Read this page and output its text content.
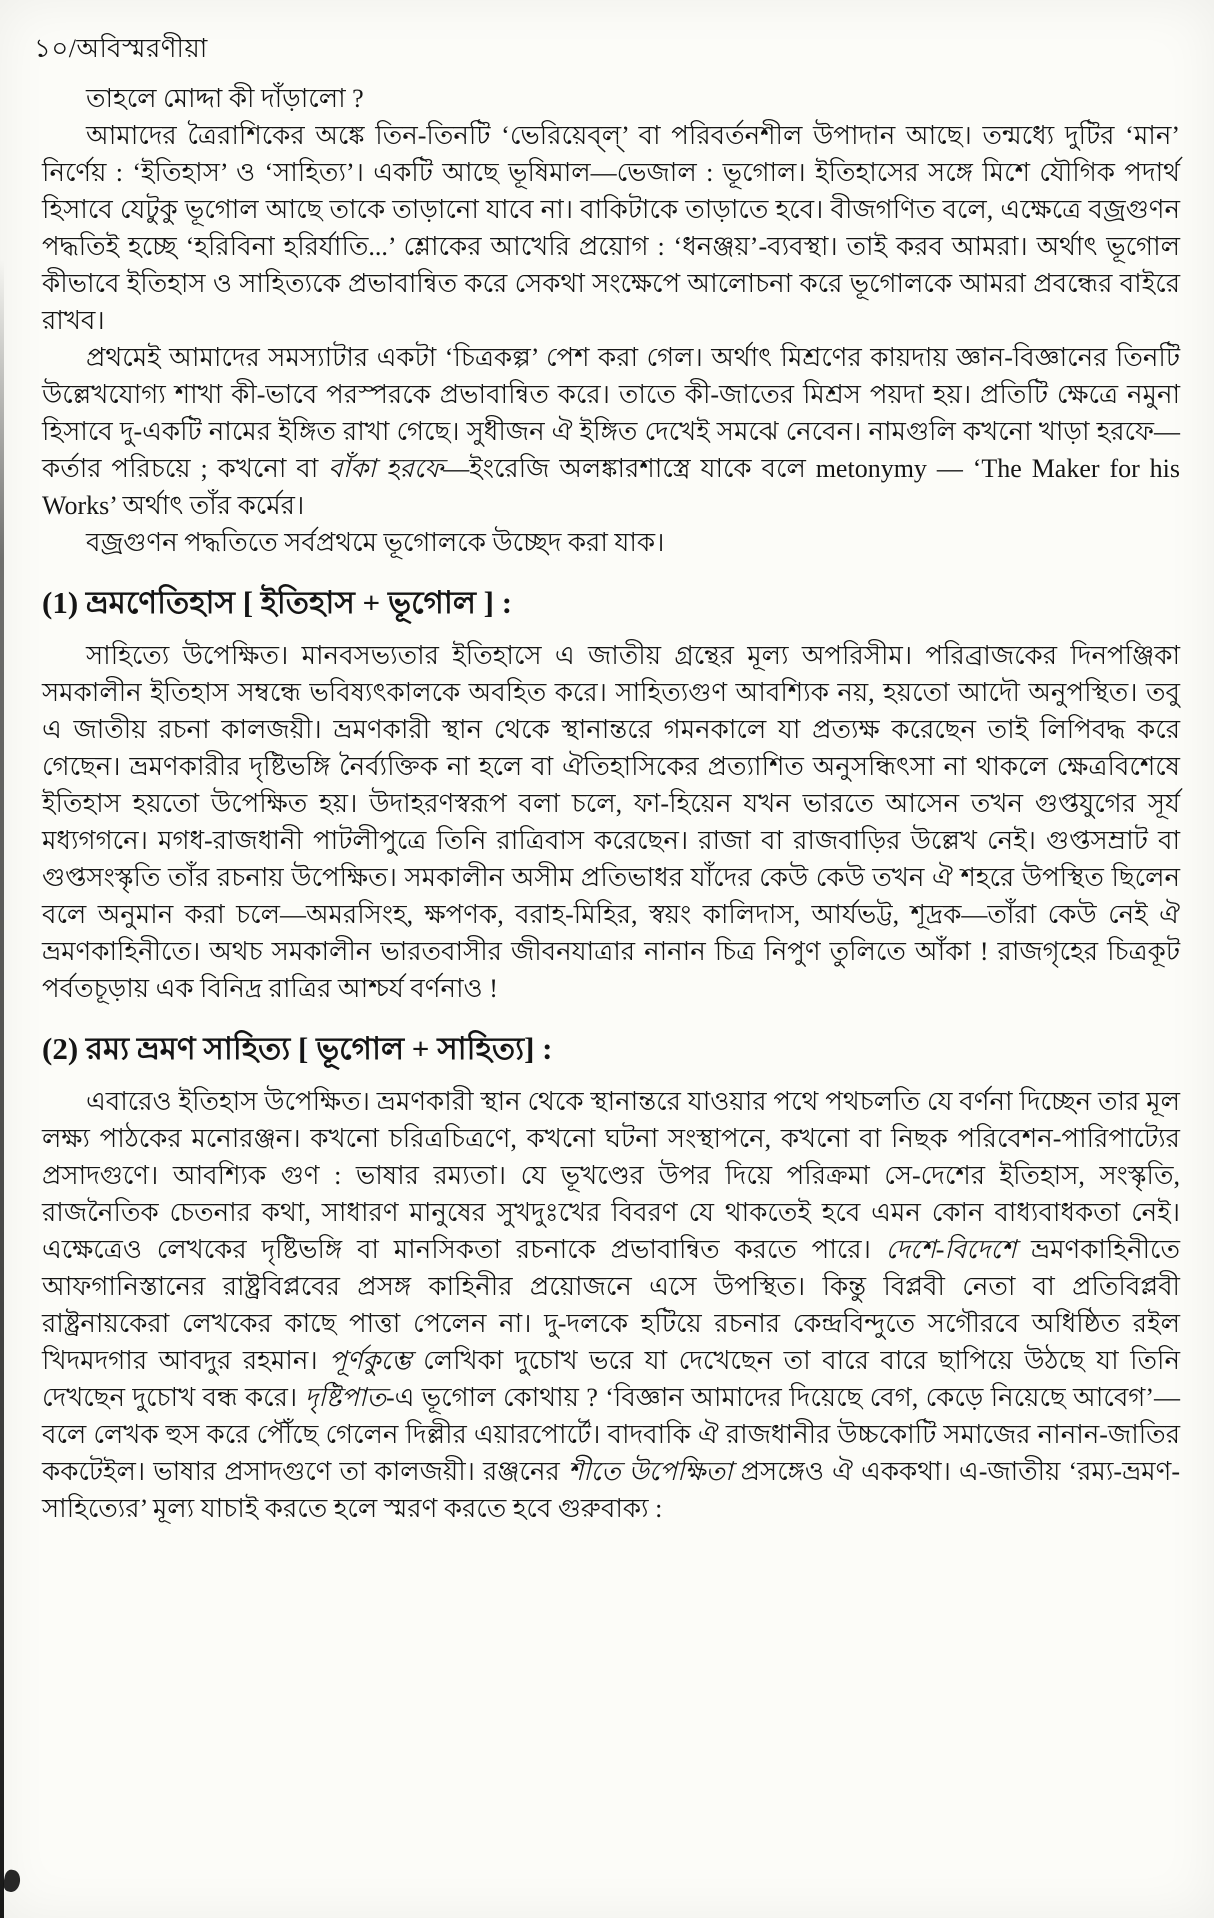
১০/অবিস্মরণীয়া

তাহলে মোদ্দা কী দাঁড়ালো ?

আমাদের ত্রৈরাশিকের অঙ্কে তিন-তিনটি ‘ভেরিয়েব্ল্’ বা পরিবর্তনশীল উপাদান আছে। তন্মধ্যে দুটির ‘মান’ নির্ণেয় : ‘ইতিহাস’ ও ‘সাহিত্য’। একটি আছে ভূষিমাল—ভেজাল : ভূগোল। ইতিহাসের সঙ্গে মিশে যৌগিক পদার্থ হিসাবে যেটুকু ভূগোল আছে তাকে তাড়ানো যাবে না। বাকিটাকে তাড়াতে হবে। বীজগণিত বলে, এক্ষেত্রে বজ্রগুণন পদ্ধতিই হচ্ছে ‘হরিবিনা হরির্যাতি...’ শ্লোকের আখেরি প্রয়োগ : ‘ধনঞ্জয়’-ব্যবস্থা। তাই করব আমরা। অর্থাৎ ভূগোল কীভাবে ইতিহাস ও সাহিত্যকে প্রভাবান্বিত করে সেকথা সংক্ষেপে আলোচনা করে ভূগোলকে আমরা প্রবন্ধের বাইরে রাখব।

প্রথমেই আমাদের সমস্যাটার একটা ‘চিত্রকল্প’ পেশ করা গেল। অর্থাৎ মিশ্রণের কায়দায় জ্ঞান-বিজ্ঞানের তিনটি উল্লেখযোগ্য শাখা কী-ভাবে পরস্পরকে প্রভাবান্বিত করে। তাতে কী-জাতের মিশ্রস পয়দা হয়। প্রতিটি ক্ষেত্রে নমুনা হিসাবে দু-একটি নামের ইঙ্গিত রাখা গেছে। সুধীজন ঐ ইঙ্গিত দেখেই সমঝে নেবেন। নামগুলি কখনো খাড়া হরফে—কর্তার পরিচয়ে ; কখনো বা বাঁকা হরফে—ইংরেজি অলঙ্কারশাস্ত্রে যাকে বলে metonymy — ‘The Maker for his Works’ অর্থাৎ তাঁর কর্মের।

বজ্রগুণন পদ্ধতিতে সর্বপ্রথমে ভূগোলকে উচ্ছেদ করা যাক।

(1) ভ্রমণেতিহাস [ ইতিহাস + ভূগোল ] :

সাহিত্যে উপেক্ষিত। মানবসভ্যতার ইতিহাসে এ জাতীয় গ্রন্থের মূল্য অপরিসীম। পরিব্রাজকের দিনপঞ্জিকা সমকালীন ইতিহাস সম্বন্ধে ভবিষ্যৎকালকে অবহিত করে। সাহিত্যগুণ আবশ্যিক নয়, হয়তো আদৌ অনুপস্থিত। তবু এ জাতীয় রচনা কালজয়ী। ভ্রমণকারী স্থান থেকে স্থানান্তরে গমনকালে যা প্রত্যক্ষ করেছেন তাই লিপিবদ্ধ করে গেছেন। ভ্রমণকারীর দৃষ্টিভঙ্গি নৈর্ব্যক্তিক না হলে বা ঐতিহাসিকের প্রত্যাশিত অনুসন্ধিৎসা না থাকলে ক্ষেত্রবিশেষে ইতিহাস হয়তো উপেক্ষিত হয়। উদাহরণস্বরূপ বলা চলে, ফা-হিয়েন যখন ভারতে আসেন তখন গুপ্তযুগের সূর্য মধ্যগগনে। মগধ-রাজধানী পাটলীপুত্রে তিনি রাত্রিবাস করেছেন। রাজা বা রাজবাড়ির উল্লেখ নেই। গুপ্তসম্রাট বা গুপ্তসংস্কৃতি তাঁর রচনায় উপেক্ষিত। সমকালীন অসীম প্রতিভাধর যাঁদের কেউ কেউ তখন ঐ শহরে উপস্থিত ছিলেন বলে অনুমান করা চলে—অমরসিংহ, ক্ষপণক, বরাহ-মিহির, স্বয়ং কালিদাস, আর্যভট্ট, শূদ্রক—তাঁরা কেউ নেই ঐ ভ্রমণকাহিনীতে। অথচ সমকালীন ভারতবাসীর জীবনযাত্রার নানান চিত্র নিপুণ তুলিতে আঁকা ! রাজগৃহের চিত্রকূট পর্বতচূড়ায় এক বিনিদ্র রাত্রির আশ্চর্য বর্ণনাও !

(2) রম্য ভ্রমণ সাহিত্য [ ভূগোল + সাহিত্য] :

এবারেও ইতিহাস উপেক্ষিত। ভ্রমণকারী স্থান থেকে স্থানান্তরে যাওয়ার পথে পথচলতি যে বর্ণনা দিচ্ছেন তার মূল লক্ষ্য পাঠকের মনোরঞ্জন। কখনো চরিত্রচিত্রণে, কখনো ঘটনা সংস্থাপনে, কখনো বা নিছক পরিবেশন-পারিপাট্যের প্রসাদগুণে। আবশ্যিক গুণ : ভাষার রম্যতা। যে ভূখণ্ডের উপর দিয়ে পরিক্রমা সে-দেশের ইতিহাস, সংস্কৃতি, রাজনৈতিক চেতনার কথা, সাধারণ মানুষের সুখদুঃখের বিবরণ যে থাকতেই হবে এমন কোন বাধ্যবাধকতা নেই। এক্ষেত্রেও লেখকের দৃষ্টিভঙ্গি বা মানসিকতা রচনাকে প্রভাবান্বিত করতে পারে। দেশে-বিদেশে ভ্রমণকাহিনীতে আফগানিস্তানের রাষ্ট্রবিপ্লবের প্রসঙ্গ কাহিনীর প্রয়োজনে এসে উপস্থিত। কিন্তু বিপ্লবী নেতা বা প্রতিবিপ্লবী রাষ্ট্রনায়কেরা লেখকের কাছে পাত্তা পেলেন না। দু-দলকে হটিয়ে রচনার কেন্দ্রবিন্দুতে সগৌরবে অধিষ্ঠিত রইল খিদমদগার আবদুর রহমান। পূর্ণকুম্ভে লেখিকা দুচোখ ভরে যা দেখেছেন তা বারে বারে ছাপিয়ে উঠছে যা তিনি দেখছেন দুচোখ বন্ধ করে। দৃষ্টিপাত-এ ভূগোল কোথায় ? ‘বিজ্ঞান আমাদের দিয়েছে বেগ, কেড়ে নিয়েছে আবেগ’—বলে লেখক হুস করে পৌঁছে গেলেন দিল্লীর এয়ারপোর্টে। বাদবাকি ঐ রাজধানীর উচ্চকোটি সমাজের নানান-জাতির ককটেইল। ভাষার প্রসাদগুণে তা কালজয়ী। রঞ্জনের শীতে উপেক্ষিতা প্রসঙ্গেও ঐ এককথা। এ-জাতীয় ‘রম্য-ভ্রমণ-সাহিত্যের’ মূল্য যাচাই করতে হলে স্মরণ করতে হবে গুরুবাক্য :
